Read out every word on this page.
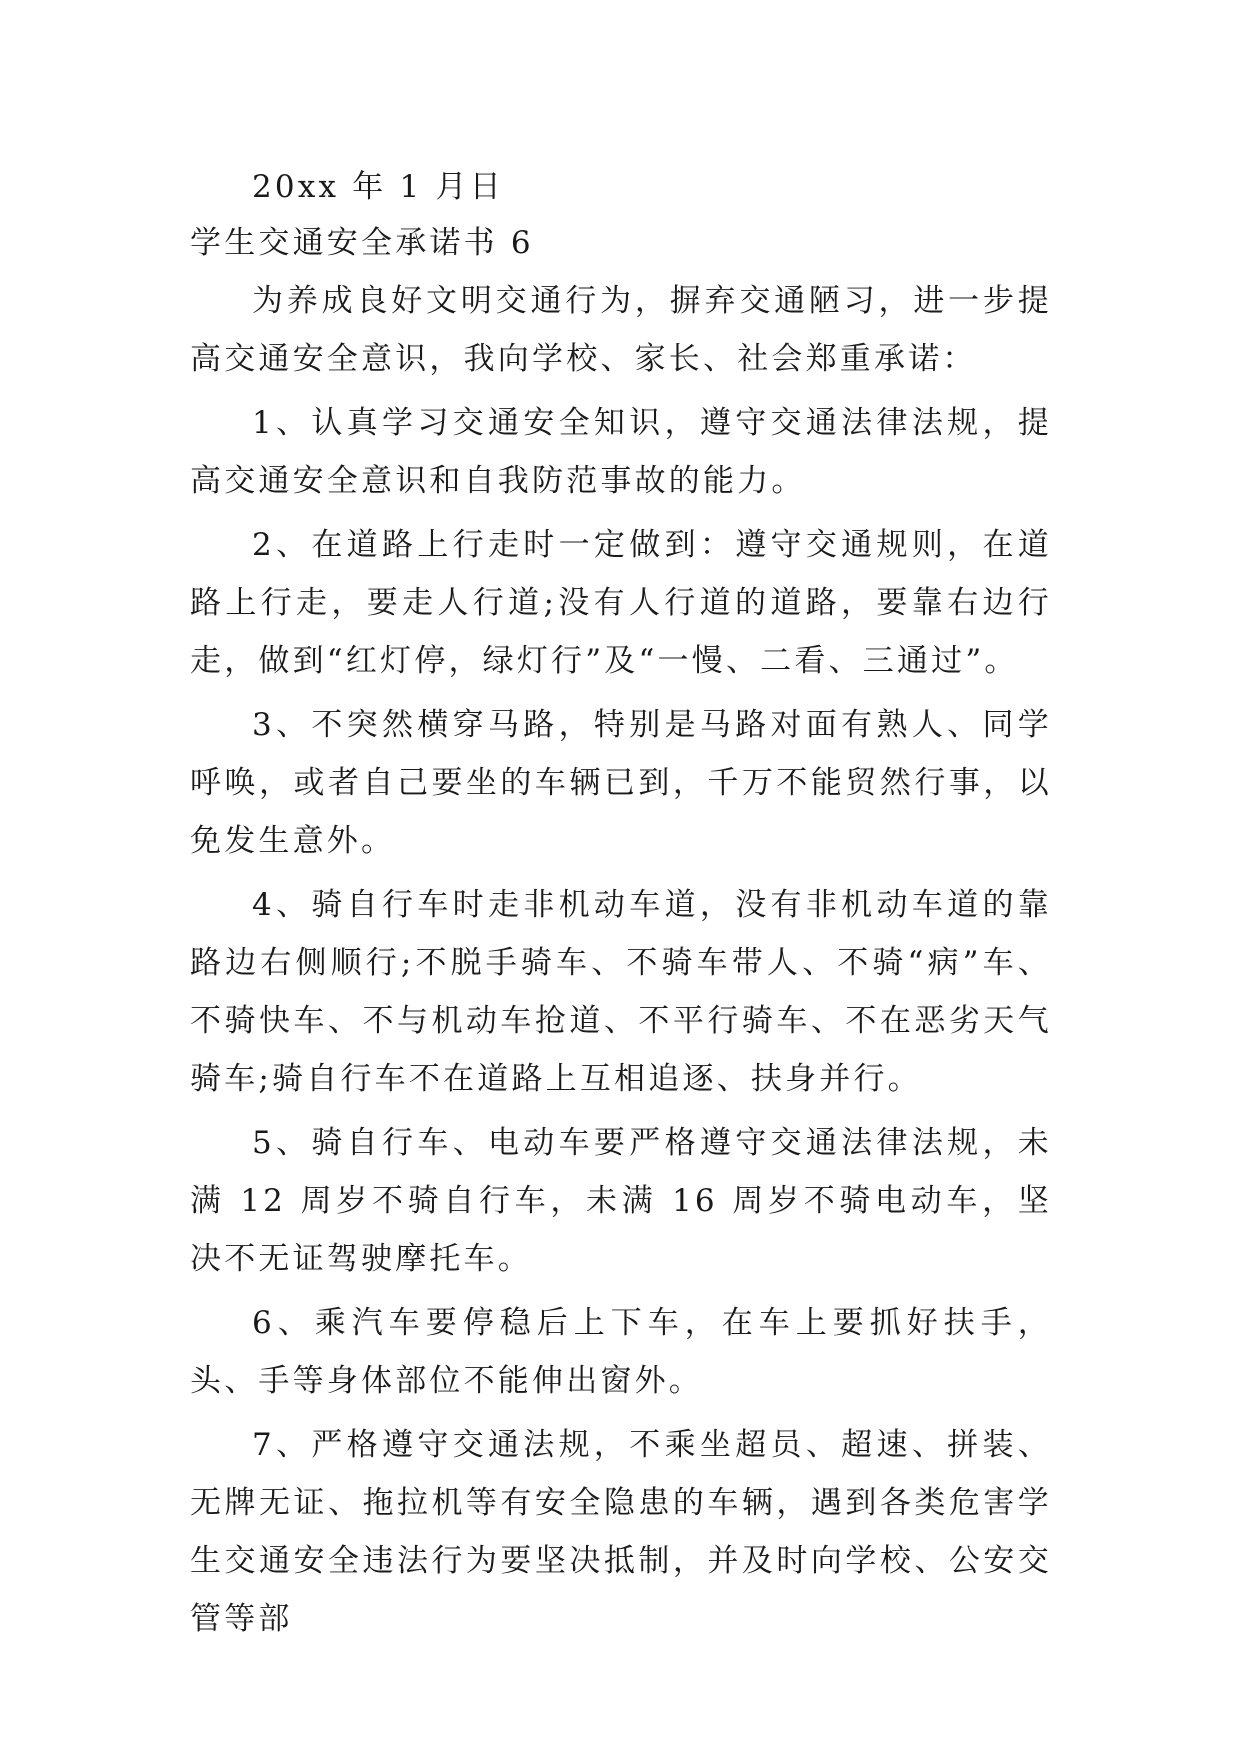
20xx 年 1 月日
学生交通安全承诺书 6

为养成良好文明交通行为，摒弃交通陋习，进一步提高交通安全意识，我向学校、家长、社会郑重承诺：

1、认真学习交通安全知识，遵守交通法律法规，提高交通安全意识和自我防范事故的能力。

2、在道路上行走时一定做到：遵守交通规则，在道路上行走，要走人行道;没有人行道的道路，要靠右边行走，做到“红灯停，绿灯行”及“一慢、二看、三通过”。

3、不突然横穿马路，特别是马路对面有熟人、同学呼唤，或者自己要坐的车辆已到，千万不能贸然行事，以免发生意外。

4、骑自行车时走非机动车道，没有非机动车道的靠路边右侧顺行;不脱手骑车、不骑车带人、不骑“病”车、不骑快车、不与机动车抢道、不平行骑车、不在恶劣天气骑车;骑自行车不在道路上互相追逐、扶身并行。

5、骑自行车、电动车要严格遵守交通法律法规，未满 12 周岁不骑自行车，未满 16 周岁不骑电动车，坚决不无证驾驶摩托车。

6、乘汽车要停稳后上下车，在车上要抓好扶手，头、手等身体部位不能伸出窗外。

7、严格遵守交通法规，不乘坐超员、超速、拼装、无牌无证、拖拉机等有安全隐患的车辆，遇到各类危害学生交通安全违法行为要坚决抵制，并及时向学校、公安交管等部
